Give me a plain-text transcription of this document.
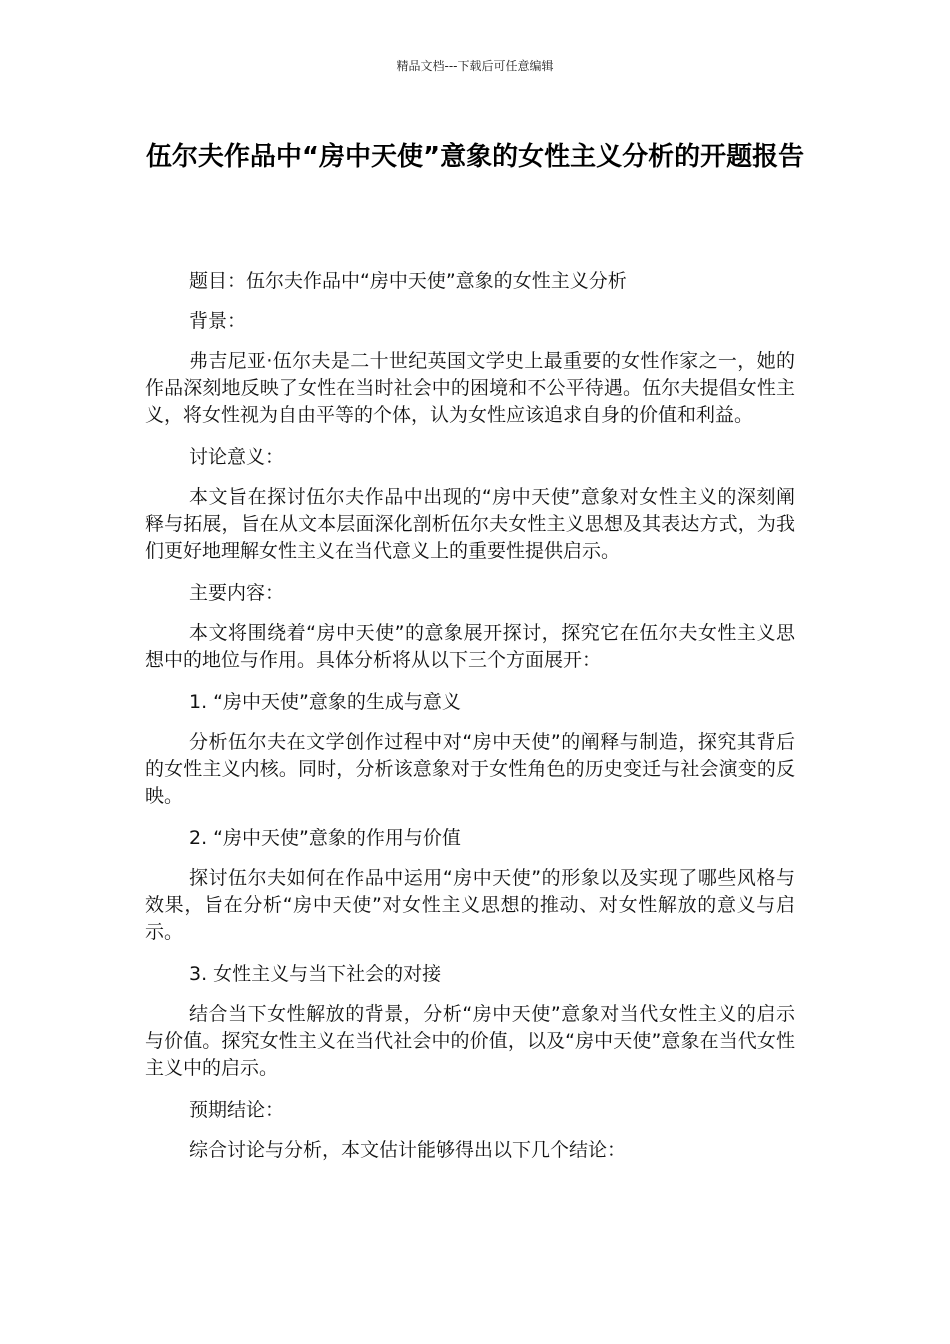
精品文档---下载后可任意编辑
伍尔夫作品中“房中天使”意象的女性主义分析的开题报告

题目：伍尔夫作品中“房中天使”意象的女性主义分析

背景：

弗吉尼亚·伍尔夫是二十世纪英国文学史上最重要的女性作家之一，她的作品深刻地反映了女性在当时社会中的困境和不公平待遇。伍尔夫提倡女性主义，将女性视为自由平等的个体，认为女性应该追求自身的价值和利益。

讨论意义：

本文旨在探讨伍尔夫作品中出现的“房中天使”意象对女性主义的深刻阐释与拓展，旨在从文本层面深化剖析伍尔夫女性主义思想及其表达方式，为我们更好地理解女性主义在当代意义上的重要性提供启示。

主要内容：

本文将围绕着“房中天使”的意象展开探讨，探究它在伍尔夫女性主义思想中的地位与作用。具体分析将从以下三个方面展开：

1. “房中天使”意象的生成与意义

分析伍尔夫在文学创作过程中对“房中天使”的阐释与制造，探究其背后的女性主义内核。同时，分析该意象对于女性角色的历史变迁与社会演变的反映。

2. “房中天使”意象的作用与价值

探讨伍尔夫如何在作品中运用“房中天使”的形象以及实现了哪些风格与效果，旨在分析“房中天使”对女性主义思想的推动、对女性解放的意义与启示。

3. 女性主义与当下社会的对接

结合当下女性解放的背景，分析“房中天使”意象对当代女性主义的启示与价值。探究女性主义在当代社会中的价值，以及“房中天使”意象在当代女性主义中的启示。

预期结论：

综合讨论与分析，本文估计能够得出以下几个结论：
